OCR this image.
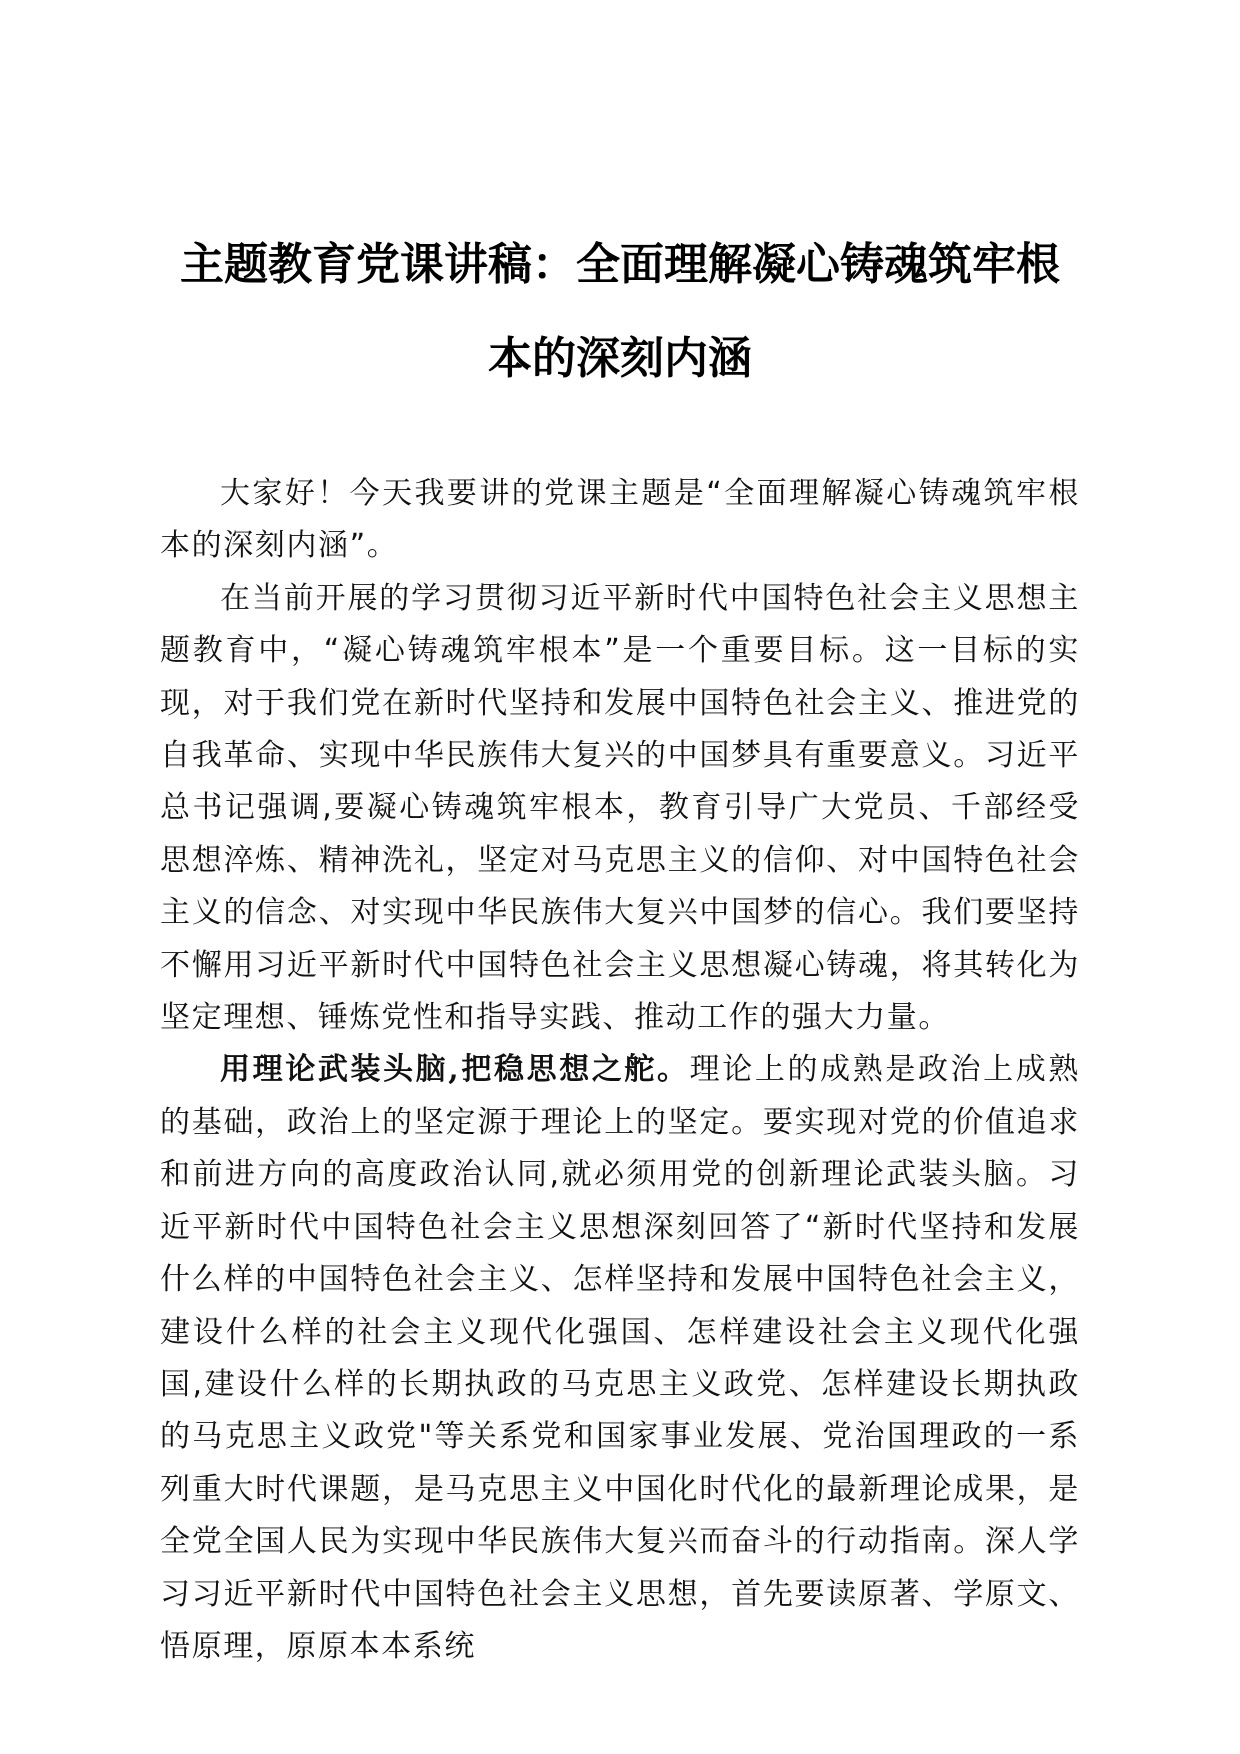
主题教育党课讲稿：全面理解凝心铸魂筑牢根
本的深刻内涵

大家好！今天我要讲的党课主题是“全面理解凝心铸魂筑牢根本的深刻内涵”。

在当前开展的学习贯彻习近平新时代中国特色社会主义思想主题教育中，“凝心铸魂筑牢根本”是一个重要目标。这一目标的实现，对于我们党在新时代坚持和发展中国特色社会主义、推进党的自我革命、实现中华民族伟大复兴的中国梦具有重要意义。习近平总书记强调,要凝心铸魂筑牢根本，教育引导广大党员、千部经受思想淬炼、精神洗礼，坚定对马克思主义的信仰、对中国特色社会主义的信念、对实现中华民族伟大复兴中国梦的信心。我们要坚持不懈用习近平新时代中国特色社会主义思想凝心铸魂，将其转化为坚定理想、锤炼党性和指导实践、推动工作的强大力量。

用理论武装头脑,把稳思想之舵。理论上的成熟是政治上成熟的基础，政治上的坚定源于理论上的坚定。要实现对党的价值追求和前进方向的高度政治认同,就必须用党的创新理论武装头脑。习近平新时代中国特色社会主义思想深刻回答了“新时代坚持和发展什么样的中国特色社会主义、怎样坚持和发展中国特色社会主义，建设什么样的社会主义现代化强国、怎样建设社会主义现代化强国,建设什么样的长期执政的马克思主义政党、怎样建设长期执政的马克思主义政党"等关系党和国家事业发展、党治国理政的一系列重大时代课题，是马克思主义中国化时代化的最新理论成果，是全党全国人民为实现中华民族伟大复兴而奋斗的行动指南。深人学习习近平新时代中国特色社会主义思想，首先要读原著、学原文、悟原理，原原本本系统
